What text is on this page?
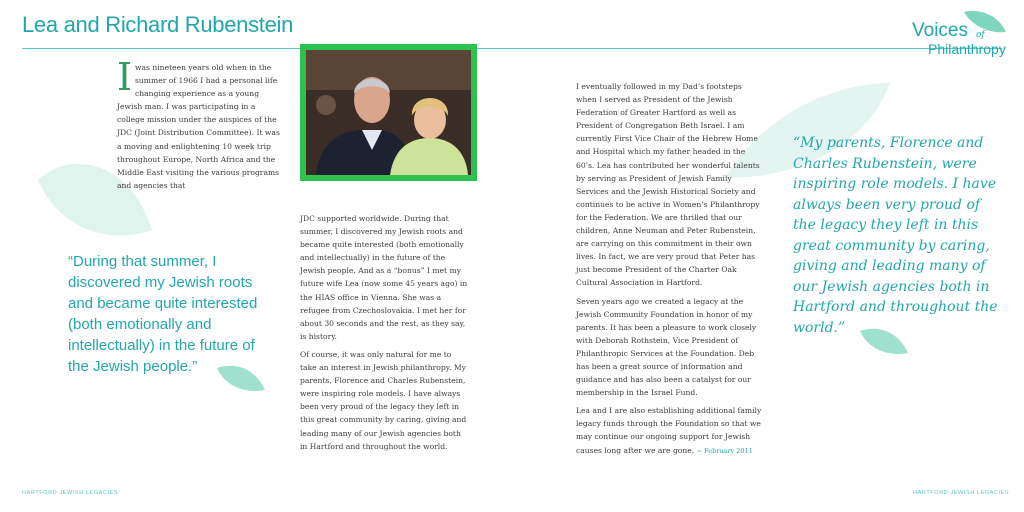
Lea and Richard Rubenstein	Voices of
Philanthropy
Iwas nineteen years old when in the summer of 1966 I had a personal life changing experience as a young Jewish man. I was participating in a college mission under the auspices of the JDC (Joint Distribution Committee). It was a moving and enlightening 10 week trip throughout Europe, North Africa and the Middle East visiting the various programs and agencies that
“During that summer, I discovered my Jewish roots and became quite interested (both emotionally and intellectually) in the future of the Jewish people.”

JDC supported worldwide. During that summer, I discovered my Jewish roots and became quite interested (both emotionally and intellectually) in the future of the Jewish people. And as a “bonus” I met my future wife Lea (now some 45 years ago) in the HIAS office in Vienna. She was a refugee from Czechoslovakia. I met her for about 30 seconds and the rest, as they say, is history.

Of course, it was only natural for me to take an interest in Jewish philanthropy. My parents, Florence and Charles Rubenstein, were inspiring role models. I have always been very proud of the legacy they left in this great community by caring, giving and leading many of our Jewish agencies both in Hartford and throughout the world.

I eventually followed in my Dad’s footsteps when I served as President of the Jewish Federation of Greater Hartford as well as President of Congregation Beth Israel. I am currently First Vice Chair of the Hebrew Home and Hospital which my father headed in the 60’s. Lea has contributed her wonderful talents by serving as President of Jewish Family Services and the Jewish Historical Society and continues to be active in Women’s Philanthropy for the Federation. We are thrilled that our children, Anne Neuman and Peter Rubenstein, are carrying on this commitment in their own lives. In fact, we are very proud that Peter has just become President of the Charter Oak Cultural Association in Hartford.

Seven years ago we created a legacy at the Jewish Community Foundation in honor of my parents. It has been a pleasure to work closely with Deborah Rothstein, Vice President of Philanthropic Services at the Foundation. Deb has been a great source of information and guidance and has also been a catalyst for our membership in the Israel Fund.

Lea and I are also establishing additional family legacy funds through the Foundation so that we may continue our ongoing support for Jewish causes long after we are gone. ~ February 2011

“My parents, Florence and Charles Rubenstein, were inspiring role models. I have always been very proud of the legacy they left in this great community by caring, giving and leading many of our Jewish agencies both in Hartford and throughout the world.”
HARTFORD JEWISH LEGACIES	HARTFORD JEWISH LEGACIES
